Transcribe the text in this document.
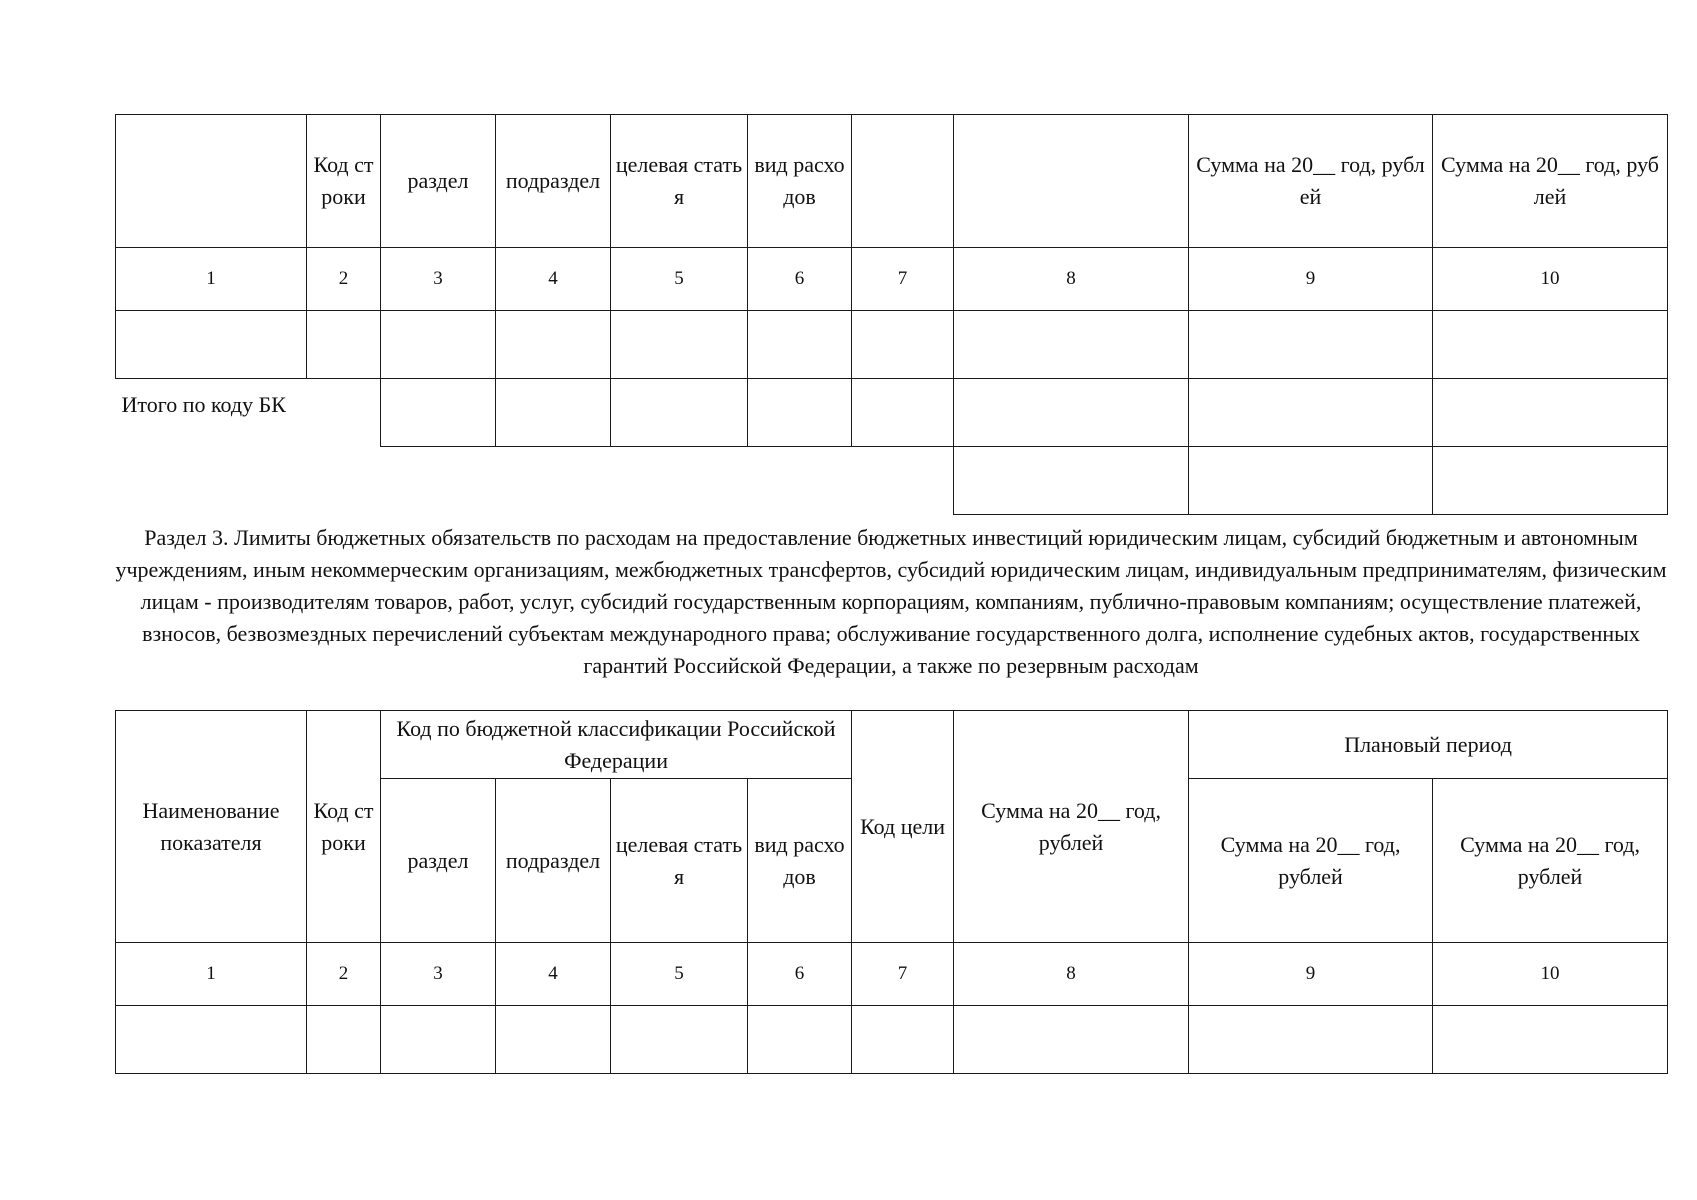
	Код строки	раздел	подраздел	целевая статья	вид расходов			Сумма на 20__ год, рублей	Сумма на 20__ год, рублей
1	2	3	4	5	6	7	8	9	10

Итого по коду БК									

Раздел 3. Лимиты бюджетных обязательств по расходам на предоставление бюджетных инвестиций юридическим лицам, субсидий бюджетным и автономным учреждениям, иным некоммерческим организациям, межбюджетных трансфертов, субсидий юридическим лицам, индивидуальным предпринимателям, физическим лицам - производителям товаров, работ, услуг, субсидий государственным корпорациям, компаниям, публично-правовым компаниям; осуществление платежей, взносов, безвозмездных перечислений субъектам международного права; обслуживание государственного долга, исполнение судебных актов, государственных гарантий Российской Федерации, а также по резервным расходам

Наименование показателя	Код строки	Код по бюджетной классификации Российской Федерации				Код цели	Сумма на 20__ год, рублей	Плановый период	
		раздел	подраздел	целевая статья	вид расходов			Сумма на 20__ год, рублей	Сумма на 20__ год, рублей
1	2	3	4	5	6	7	8	9	10
